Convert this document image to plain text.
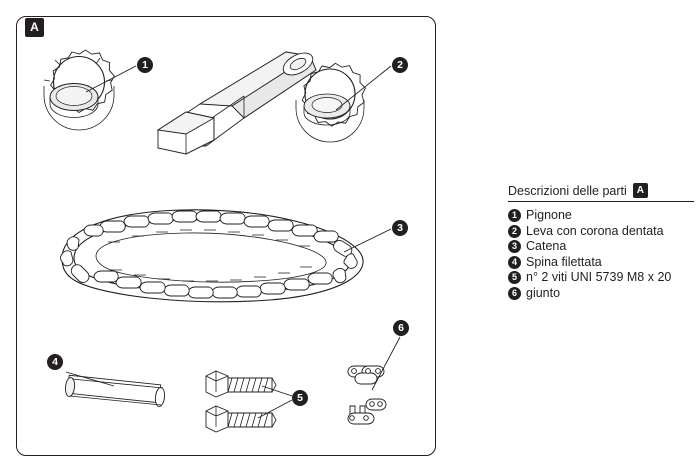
A
1	2
3
4
5
6
Descrizioni delle parti A
1 Pignone
2 Leva con corona dentata
3 Catena
4 Spina filettata
5 n° 2 viti UNI 5739 M8 x 20
6 giunto
